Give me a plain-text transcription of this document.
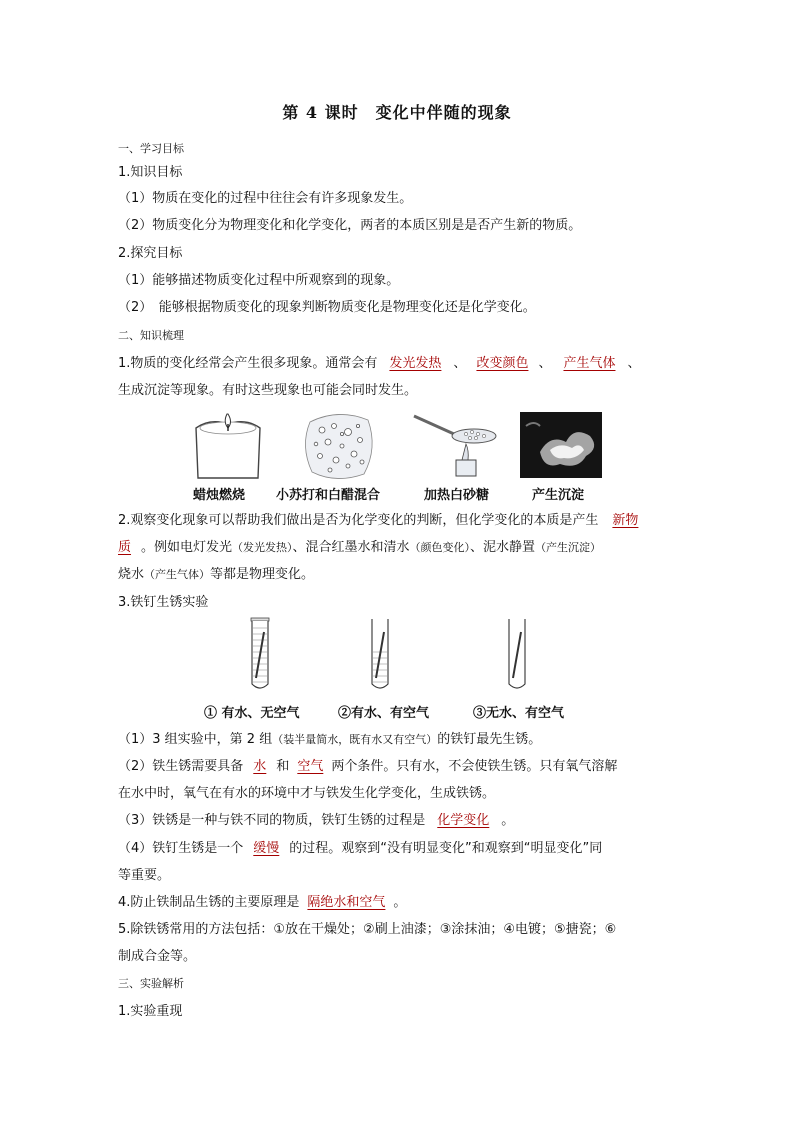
第 4 课时　变化中伴随的现象
一、学习目标
1.知识目标
（1）物质在变化的过程中往往会有许多现象发生。
（2）物质变化分为物理变化和化学变化，两者的本质区别是是否产生新的物质。
2.探究目标
（1）能够描述物质变化过程中所观察到的现象。
（2）　能够根据物质变化的现象判断物质变化是物理变化还是化学变化。
二、知识梳理
1.物质的变化经常会产生很多现象。通常会有 发光发热 、 改变颜色 、 产生气体 、
生成沉淀等现象。有时这些现象也可能会同时发生。
蜡烛燃烧 小苏打和白醋混合	加热白砂糖	产生沉淀
2.观察变化现象可以帮助我们做出是否为化学变化的判断，但化学变化的本质是产生 新物
质 。例如电灯发光（发光发热）、混合红墨水和清水（颜色变化）、泥水静置（产生沉淀）
烧水（产生气体）等都是物理变化。
3.铁钉生锈实验
① 有水、无空气	②有水、有空气	③无水、有空气
（1）3 组实验中，第 2 组（装半量简水，既有水又有空气）的铁钉最先生锈。
（2）铁生锈需要具备 水 和 空气 两个条件。只有水，不会使铁生锈。只有氧气溶解
在水中时，氧气在有水的环境中才与铁发生化学变化，生成铁锈。
（3）铁锈是一种与铁不同的物质，铁钉生锈的过程是 化学变化 。
（4）铁钉生锈是一个 缓慢 的过程。观察到“没有明显变化”和观察到“明显变化”同
等重要。
4.防止铁制品生锈的主要原理是 隔绝水和空气 。
5.除铁锈常用的方法包括：①放在干燥处；②刷上油漆；③涂抹油；④电镀；⑤搪瓷；⑥
制成合金等。
三、实验解析
1.实验重现
